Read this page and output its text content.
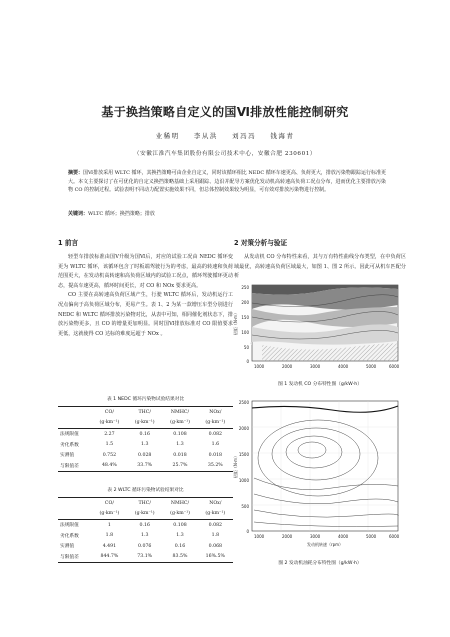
基于换挡策略自定义的国Ⅵ排放性能控制研究
业稀明 李从洪 刘冯冯 钱海青
（安徽江淮汽车集团股份有限公司技术中心，安徽合肥 230601）
摘要：国Ⅵ排放采用 WLTC 循环，其换挡策略可由企业自定义，同时该循环相比 NEDC 循环车速更高、负荷更大，排放污染物跟踪运行标准更大。本文主要探讨了在可优化的自定义换挡策略基础上采用跟踪、边沿并配导方案优化发动机高转速高负荷工况点分布，进而优化主要排放污染物 CO 的控制过程。试验表明不同动力配置实施效果不同，但总体控制效果较为明显，可有效对排放污染物进行控制。
关键词：WLTC 循环；换挡策略；排放
1 前言

轻型车排放标准由国Ⅴ升级为国Ⅵ后，对应的试验工况由 NEDC 循环变更为 WLTC 循环，该循环包含了时板端驾驶行为的考虑，最高的转速和负荷范围更大，在发动机高转速和高负荷区域内的试验工况点，循环驾驶循环更动态，提高车速更高，循环时间更长，对 CO 和 NOx 要求更高。

CO 主要在高转速高负荷区域产生，行驶 WLTC 循环后，发动机运行工况点偏向于高负荷区域分布，更易产生。表 1、2 为某一款增压车型分别进行 NEDC 和 WLTC 循环排放污染物对比，从表中可知，相同催化剂状态下，排放污染物更多，且 CO 的增量更加明显。同时国Ⅵ排放标准对 CO 限值要求更低，这就使得 CO 达标的难度远超于 NOx 。

表 1 NEDC 循环污染物试验结果对比
	CO/	THC/	NMHC/	NOx/
	(g·km⁻¹)	(g·km⁻¹)	(g·km⁻¹)	(g·km⁻¹)
法规限值	2.27	0.16	0.108	0.082
劣化系数	1.5	1.3	1.3	1.6
实测值	0.752	0.028	0.018	0.018
与限值差	48.4%	33.7%	25.7%	35.2%
表 2 WLTC 循环污染物试验结果对比
	CO/	THC/	NMHC/	NOx/
	(g·km⁻¹)	(g·km⁻¹)	(g·km⁻¹)	(g·km⁻¹)
法规限值	1	0.16	0.108	0.082
劣化系数	1.8	1.3	1.3	1.8
实测值	4.491	0.076	0.16	0.068
与限值差	844.7%	73.1%	83.5%	16%.5%
2 对策分析与验证

从发动机 CO 分布特性来看，其与万有特性曲线分布类型，在中负荷区域最优，高转速高负荷区域最大，如图 1、图 2 所示。因此可从机车匹配分析

250
200
150
100
50
0
1000	2000	3000	4000	5000	6000
扭矩（N·m）
图 1 发动机 CO 分布特性图（g/kW·h）
2500
2000
1500
1000
500
0
1000	2000	3000	4000	5000	6000
发动机转速（rpm）
扭矩（N·m）
图 2 发动机油耗分布特性图（g/kW·h）
